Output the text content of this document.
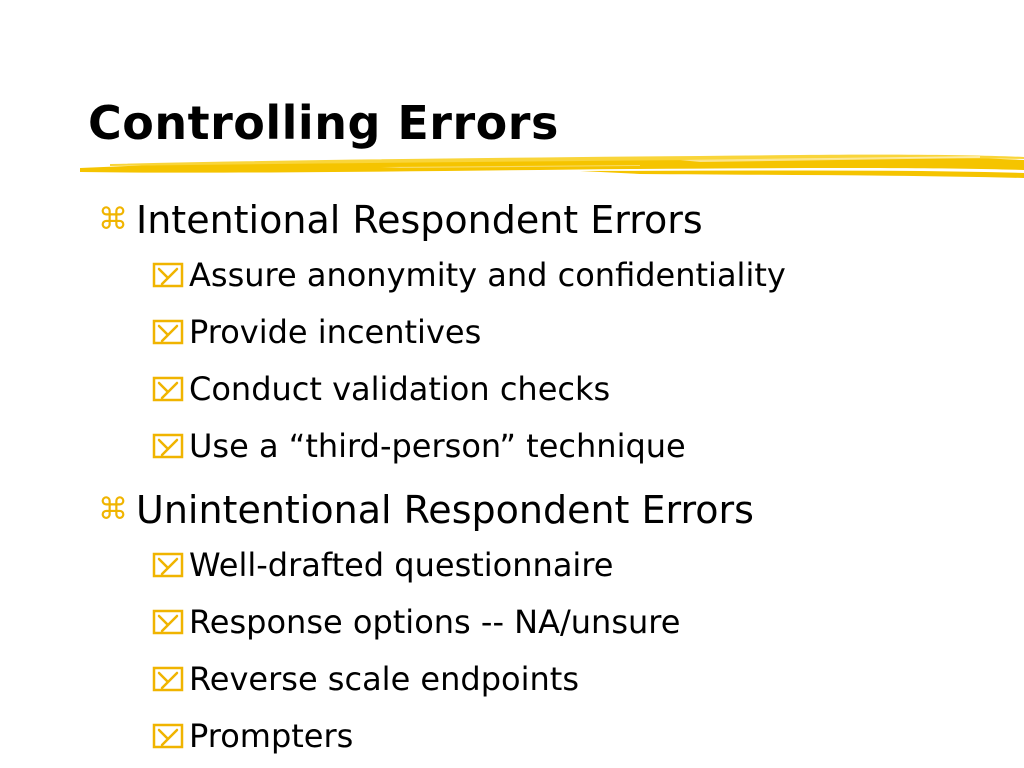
Controlling Errors
⌘ Intentional Respondent Errors
Assure anonymity and confidentiality
Provide incentives
Conduct validation checks
Use a “third-person” technique
⌘ Unintentional Respondent Errors
Well-drafted questionnaire
Response options -- NA/unsure
Reverse scale endpoints
Prompters
